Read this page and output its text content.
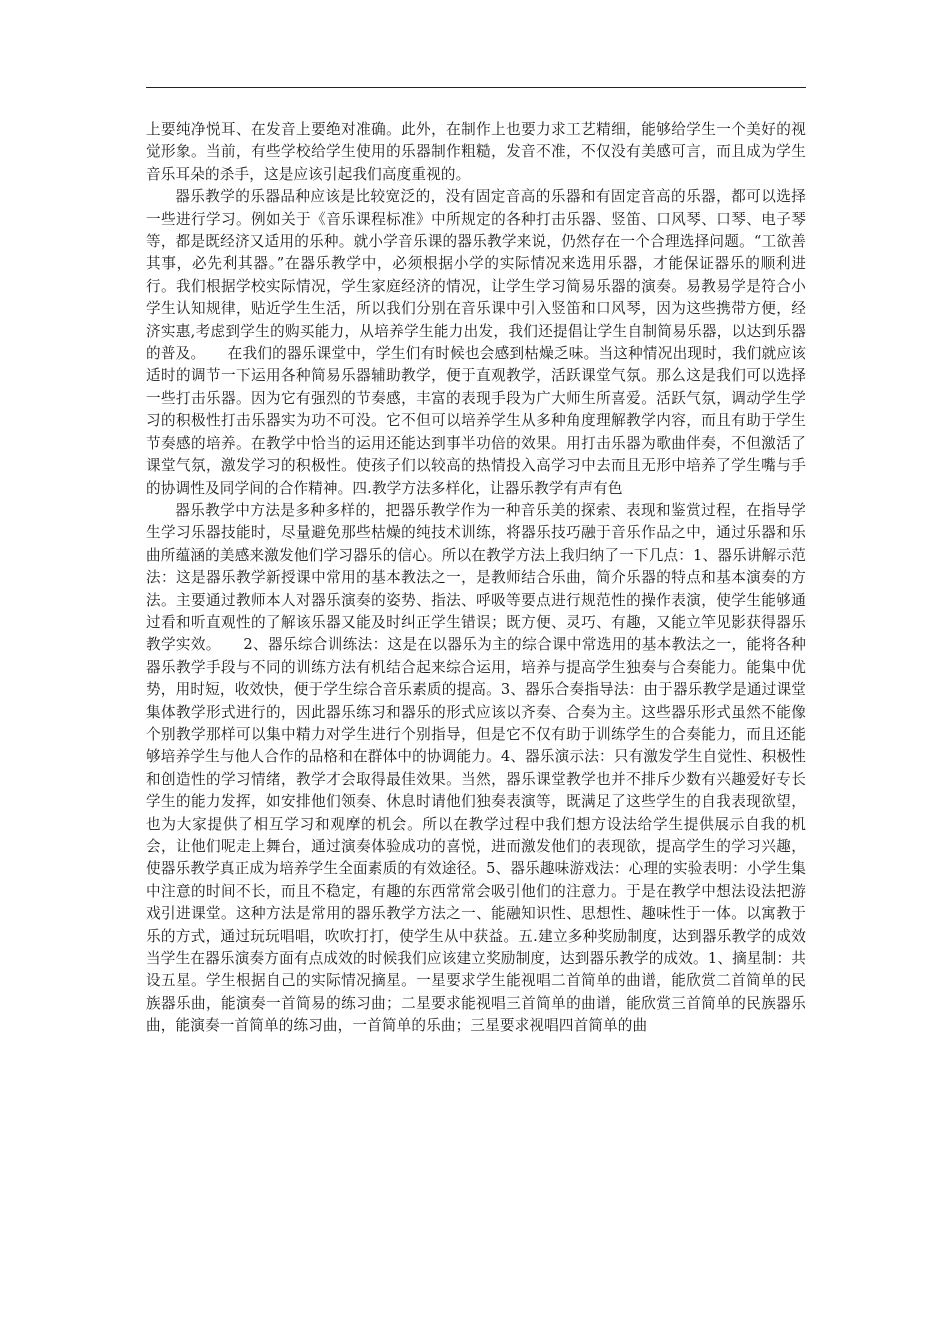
上要纯净悦耳、在发音上要绝对准确。此外，在制作上也要力求工艺精细，能够给学生一个美好的视觉形象。当前，有些学校给学生使用的乐器制作粗糙，发音不准，不仅没有美感可言，而且成为学生音乐耳朵的杀手，这是应该引起我们高度重视的。

器乐教学的乐器品种应该是比较宽泛的，没有固定音高的乐器和有固定音高的乐器，都可以选择一些进行学习。例如关于《音乐课程标准》中所规定的各种打击乐器、竖笛、口风琴、口琴、电子琴等，都是既经济又适用的乐种。就小学音乐课的器乐教学来说，仍然存在一个合理选择问题。“工欲善其事，必先利其器。”在器乐教学中，必须根据小学的实际情况来选用乐器，才能保证器乐的顺利进行。我们根据学校实际情况，学生家庭经济的情况，让学生学习简易乐器的演奏。易教易学是符合小学生认知规律，贴近学生生活，所以我们分别在音乐课中引入竖笛和口风琴，因为这些携带方便，经济实惠,考虑到学生的购买能力，从培养学生能力出发，我们还提倡让学生自制简易乐器，以达到乐器的普及。　　在我们的器乐课堂中，学生们有时候也会感到枯燥乏味。当这种情况出现时，我们就应该适时的调节一下运用各种简易乐器辅助教学，便于直观教学，活跃课堂气氛。那么这是我们可以选择一些打击乐器。因为它有强烈的节奏感，丰富的表现手段为广大师生所喜爱。活跃气氛，调动学生学习的积极性打击乐器实为功不可没。它不但可以培养学生从多种角度理解教学内容，而且有助于学生节奏感的培养。在教学中恰当的运用还能达到事半功倍的效果。用打击乐器为歌曲伴奏，不但激活了课堂气氛，激发学习的积极性。使孩子们以较高的热情投入高学习中去而且无形中培养了学生嘴与手的协调性及同学间的合作精神。四.教学方法多样化，让器乐教学有声有色

器乐教学中方法是多种多样的，把器乐教学作为一种音乐美的探索、表现和鉴赏过程，在指导学生学习乐器技能时，尽量避免那些枯燥的纯技术训练，将器乐技巧融于音乐作品之中，通过乐器和乐曲所蕴涵的美感来激发他们学习器乐的信心。所以在教学方法上我归纳了一下几点：1、器乐讲解示范法：这是器乐教学新授课中常用的基本教法之一，是教师结合乐曲，简介乐器的特点和基本演奏的方法。主要通过教师本人对器乐演奏的姿势、指法、呼吸等要点进行规范性的操作表演，使学生能够通过看和听直观性的了解该乐器又能及时纠正学生错误；既方便、灵巧、有趣，又能立竿见影获得器乐教学实效。　　2、器乐综合训练法：这是在以器乐为主的综合课中常选用的基本教法之一，能将各种器乐教学手段与不同的训练方法有机结合起来综合运用，培养与提高学生独奏与合奏能力。能集中优势，用时短，收效快，便于学生综合音乐素质的提高。3、器乐合奏指导法：由于器乐教学是通过课堂集体教学形式进行的，因此器乐练习和器乐的形式应该以齐奏、合奏为主。这些器乐形式虽然不能像个别教学那样可以集中精力对学生进行个别指导，但是它不仅有助于训练学生的合奏能力，而且还能够培养学生与他人合作的品格和在群体中的协调能力。4、器乐演示法：只有激发学生自觉性、积极性和创造性的学习情绪，教学才会取得最佳效果。当然，器乐课堂教学也并不排斥少数有兴趣爱好专长学生的能力发挥，如安排他们领奏、休息时请他们独奏表演等，既满足了这些学生的自我表现欲望，也为大家提供了相互学习和观摩的机会。所以在教学过程中我们想方设法给学生提供展示自我的机会，让他们呢走上舞台，通过演奏体验成功的喜悦，进而激发他们的表现欲，提高学生的学习兴趣，使器乐教学真正成为培养学生全面素质的有效途径。5、器乐趣味游戏法：心理的实验表明：小学生集中注意的时间不长，而且不稳定，有趣的东西常常会吸引他们的注意力。于是在教学中想法设法把游戏引进课堂。这种方法是常用的器乐教学方法之一、能融知识性、思想性、趣味性于一体。以寓教于乐的方式，通过玩玩唱唱，吹吹打打，使学生从中获益。五.建立多种奖励制度，达到器乐教学的成效当学生在器乐演奏方面有点成效的时候我们应该建立奖励制度，达到器乐教学的成效。1、摘星制：共设五星。学生根据自己的实际情况摘星。一星要求学生能视唱二首简单的曲谱，能欣赏二首简单的民族器乐曲，能演奏一首简易的练习曲；二星要求能视唱三首简单的曲谱，能欣赏三首简单的民族器乐曲，能演奏一首简单的练习曲，一首简单的乐曲；三星要求视唱四首简单的曲
